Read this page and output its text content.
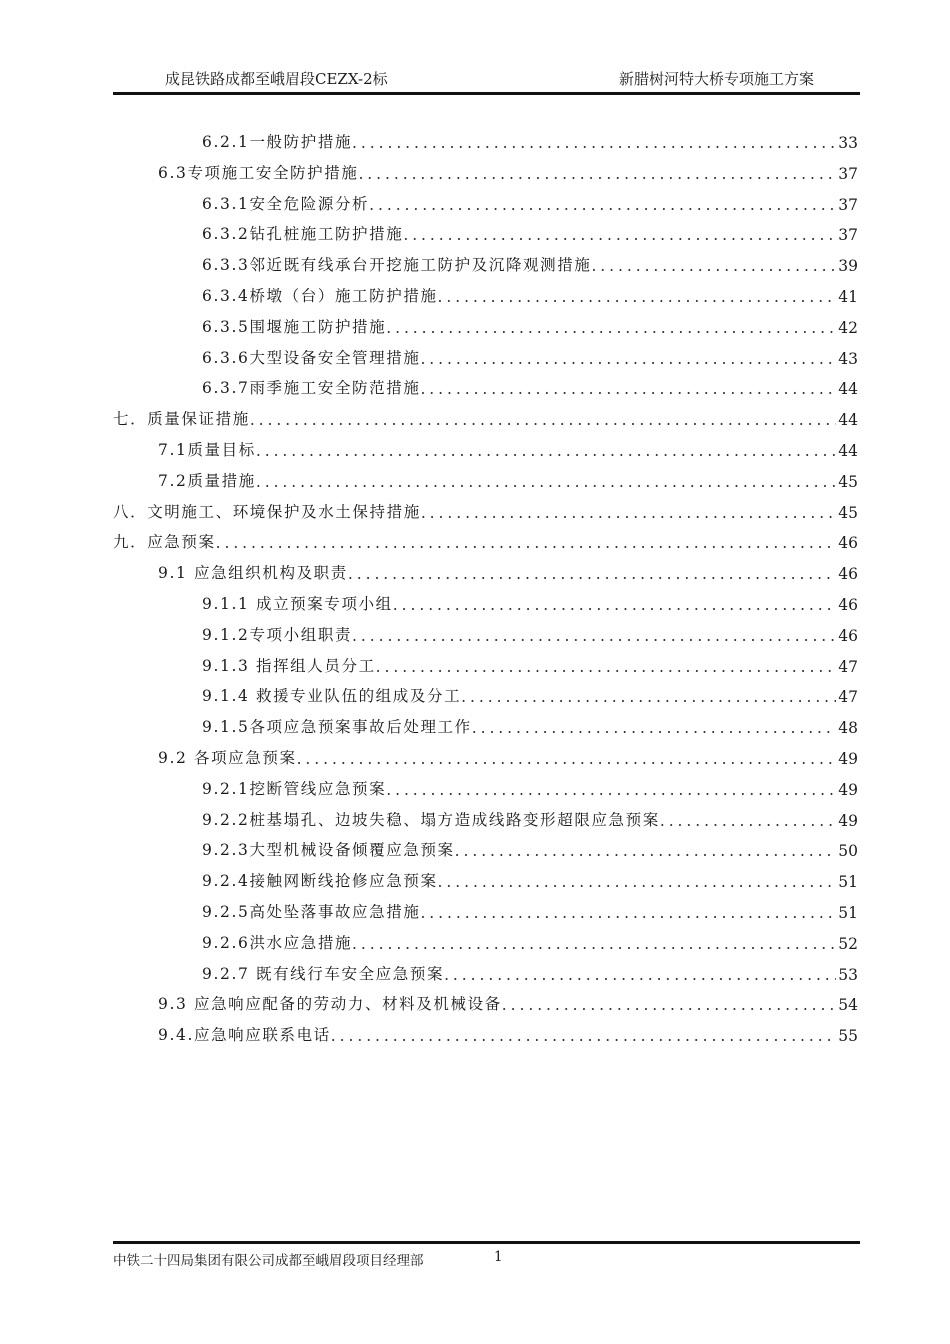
成昆铁路成都至峨眉段CEZX-2标	新腊树河特大桥专项施工方案
6.2.1一般防护措施 . . .	33
6.3专项施工安全防护措施 . . .	37
6.3.1安全危险源分析 . . .	37
6.3.2钻孔桩施工防护措施 . . .	37
6.3.3邻近既有线承台开挖施工防护及沉降观测措施 . . .	39
6.3.4桥墩（台）施工防护措施 . . .	41
6.3.5围堰施工防护措施 . . .	42
6.3.6大型设备安全管理措施 . . .	43
6.3.7雨季施工安全防范措施 . . .	44
七．质量保证措施 . . .	44
7.1质量目标 . . .	44
7.2质量措施 . . .	45
八．文明施工、环境保护及水土保持措施 . . .	45
九．应急预案 . . .	46
9.1 应急组织机构及职责 . . .	46
9.1.1 成立预案专项小组 . . .	46
9.1.2专项小组职责 . . .	46
9.1.3 指挥组人员分工 . . .	47
9.1.4 救援专业队伍的组成及分工 . . .	47
9.1.5各项应急预案事故后处理工作 . . .	48
9.2 各项应急预案 . . .	49
9.2.1挖断管线应急预案 . . .	49
9.2.2桩基塌孔、边坡失稳、塌方造成线路变形超限应急预案 . . .	49
9.2.3大型机械设备倾覆应急预案 . . .	50
9.2.4接触网断线抢修应急预案 . . .	51
9.2.5高处坠落事故应急措施 . . .	51
9.2.6洪水应急措施 . . .	52
9.2.7 既有线行车安全应急预案 . . .	53
9.3 应急响应配备的劳动力、材料及机械设备 . . .	54
9.4.应急响应联系电话 . . .	55
中铁二十四局集团有限公司成都至峨眉段项目经理部	1
